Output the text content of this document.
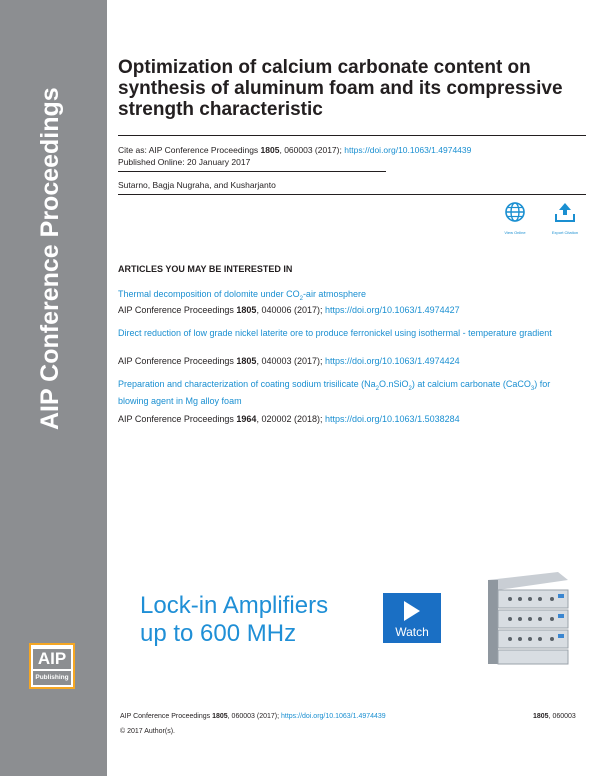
AIP Conference Proceedings
AIP
Publishing
Optimization of calcium carbonate content on synthesis of aluminum foam and its compressive strength characteristic
Cite as: AIP Conference Proceedings 1805, 060003 (2017); https://doi.org/10.1063/1.4974439
Published Online: 20 January 2017
Sutarno, Bagja Nugraha, and Kusharjanto
View Online	Export Citation
ARTICLES YOU MAY BE INTERESTED IN
Thermal decomposition of dolomite under $CO_2$-air atmosphere
AIP Conference Proceedings 1805, 040006 (2017); https://doi.org/10.1063/1.4974427
Direct reduction of low grade nickel laterite ore to produce ferronickel using isothermal - temperature gradient
AIP Conference Proceedings 1805, 040003 (2017); https://doi.org/10.1063/1.4974424
Preparation and characterization of coating sodium trisilicate $(Na_2O.nSiO_2)$ at calcium carbonate (CaCO$_3$) for blowing agent in Mg alloy foam
AIP Conference Proceedings 1964, 020002 (2018); https://doi.org/10.1063/1.5038284
Lock-in Amplifiers
up to 600 MHz	Watch
AIP Conference Proceedings 1805, 060003 (2017); https://doi.org/10.1063/1.4974439	1805, 060003
© 2017 Author(s).
